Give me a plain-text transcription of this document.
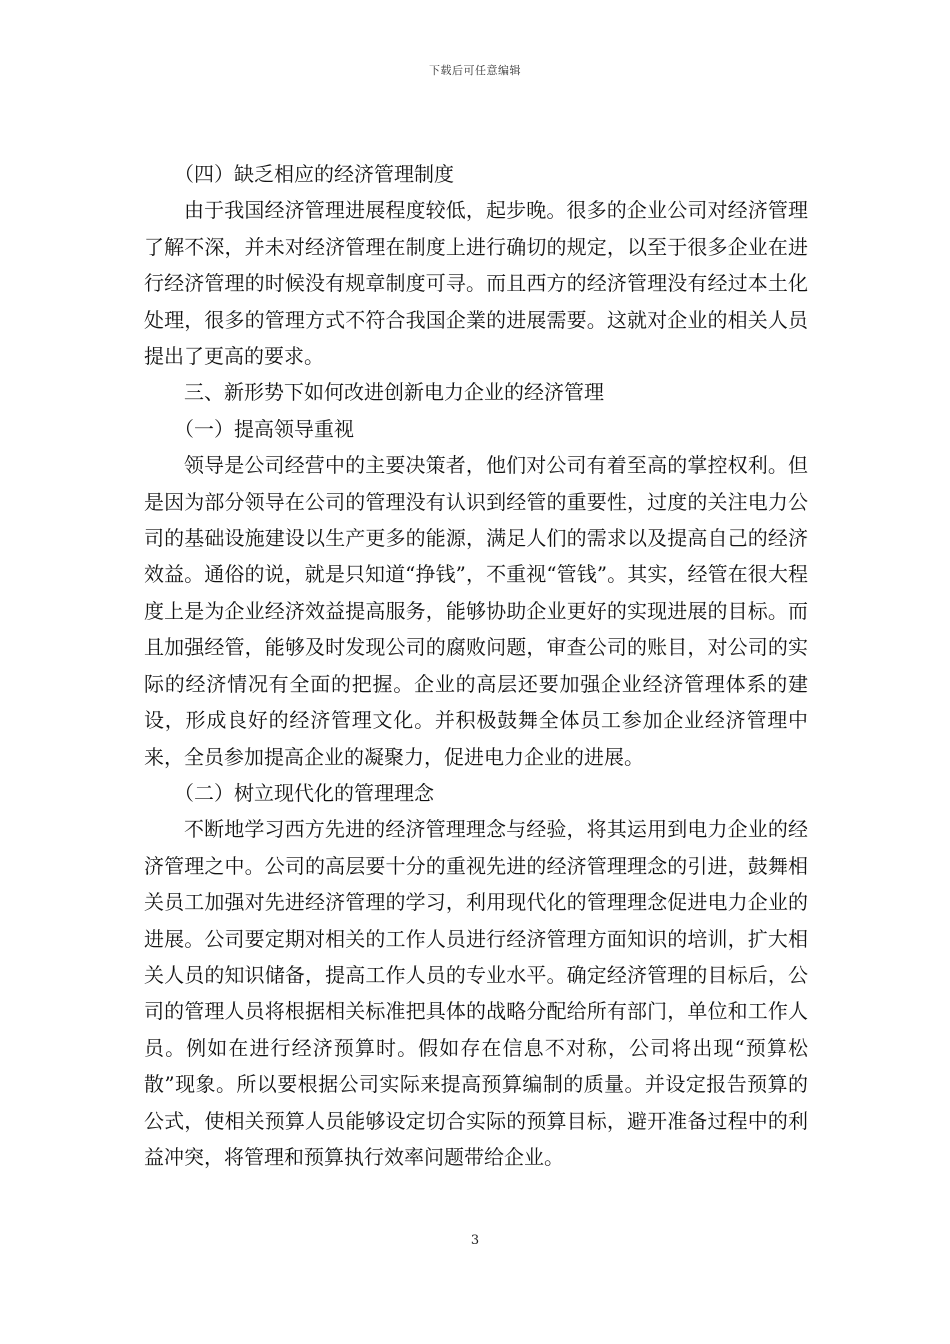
下载后可任意编辑

（四）缺乏相应的经济管理制度

由于我国经济管理进展程度较低，起步晚。很多的企业公司对经济管理了解不深，并未对经济管理在制度上进行确切的规定，以至于很多企业在进行经济管理的时候没有规章制度可寻。而且西方的经济管理没有经过本土化处理，很多的管理方式不符合我国企業的进展需要。这就对企业的相关人员提出了更高的要求。

三、新形势下如何改进创新电力企业的经济管理

（一）提高领导重视

领导是公司经营中的主要决策者，他们对公司有着至高的掌控权利。但是因为部分领导在公司的管理没有认识到经管的重要性，过度的关注电力公司的基础设施建设以生产更多的能源，满足人们的需求以及提高自己的经济效益。通俗的说，就是只知道“挣钱”，不重视“管钱”。其实，经管在很大程度上是为企业经济效益提高服务，能够协助企业更好的实现进展的目标。而且加强经管，能够及时发现公司的腐败问题，审查公司的账目，对公司的实际的经济情况有全面的把握。企业的高层还要加强企业经济管理体系的建设，形成良好的经济管理文化。并积极鼓舞全体员工参加企业经济管理中来，全员参加提高企业的凝聚力，促进电力企业的进展。

（二）树立现代化的管理理念

不断地学习西方先进的经济管理理念与经验，将其运用到电力企业的经济管理之中。公司的高层要十分的重视先进的经济管理理念的引进，鼓舞相关员工加强对先进经济管理的学习，利用现代化的管理理念促进电力企业的进展。公司要定期对相关的工作人员进行经济管理方面知识的培训，扩大相关人员的知识储备，提高工作人员的专业水平。确定经济管理的目标后，公司的管理人员将根据相关标准把具体的战略分配给所有部门，单位和工作人员。例如在进行经济预算时。假如存在信息不对称，公司将出现“预算松散”现象。所以要根据公司实际来提高预算编制的质量。并设定报告预算的公式，使相关预算人员能够设定切合实际的预算目标，避开准备过程中的利益冲突，将管理和预算执行效率问题带给企业。

3
